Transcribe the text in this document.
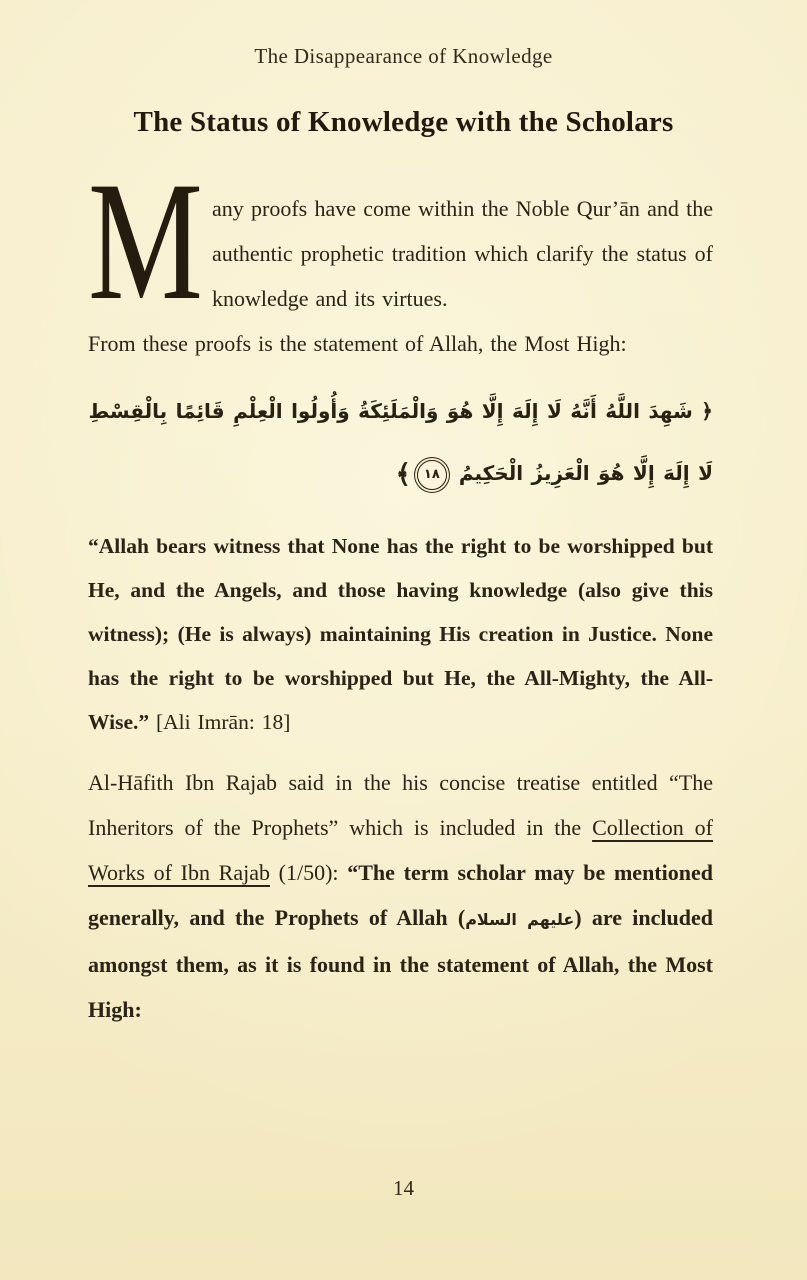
The Disappearance of Knowledge
The Status of Knowledge with the Scholars

Many proofs have come within the Noble Qur’ān and the authentic prophetic tradition which clarify the status of knowledge and its virtues.

From these proofs is the statement of Allah, the Most High:

﴿ شَهِدَ اللَّهُ أَنَّهُ لَا إِلَهَ إِلَّا هُوَ وَالْمَلَئِكَةُ وَأُولُوا الْعِلْمِ قَائِمًا بِالْقِسْطِ
لَا إِلَهَ إِلَّا هُوَ الْعَزِيزُ الْحَكِيمُ١٨﴾

“Allah bears witness that None has the right to be worshipped but He, and the Angels, and those having knowledge (also give this witness); (He is always) maintaining His creation in Justice. None has the right to be worshipped but He, the All-Mighty, the All-Wise.” [Ali Imrān: 18]

Al-Hāfith Ibn Rajab said in the his concise treatise entitled “The Inheritors of the Prophets” which is included in the Collection of Works of Ibn Rajab (1/50): “The term scholar may be mentioned generally, and the Prophets of Allah (عليهم السلام) are included amongst them, as it is found in the statement of Allah, the Most High:

14
